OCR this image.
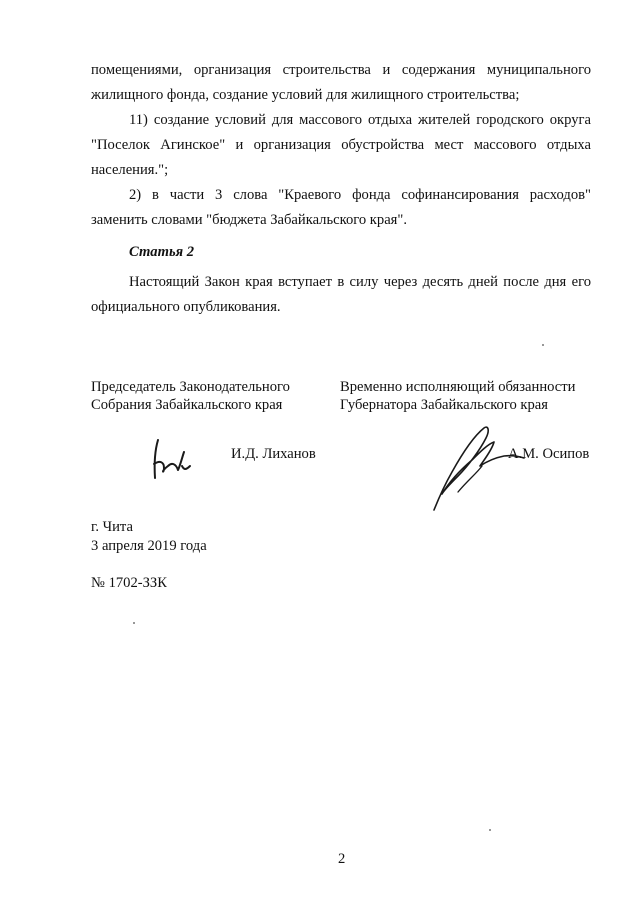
помещениями, организация строительства и содержания муниципального жилищного фонда, создание условий для жилищного строительства;

11) создание условий для массового отдыха жителей городского округа "Поселок Агинское" и организация обустройства мест массового отдыха населения.";

2) в части 3 слова "Краевого фонда софинансирования расходов" заменить словами "бюджета Забайкальского края".

Статья 2

Настоящий Закон края вступает в силу через десять дней после дня его официального опубликования.

Председатель Законодательного
Собрания Забайкальского края
И.Д. Лиханов
Временно исполняющий обязанности
Губернатора Забайкальского края
А.М. Осипов

г. Чита

3 апреля 2019 года

№ 1702-ЗЗК

2
